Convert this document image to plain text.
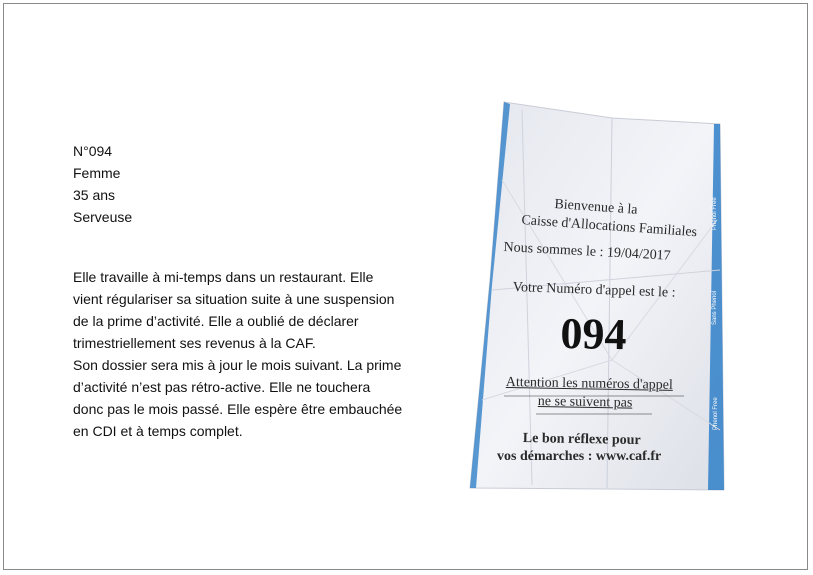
N°094
Femme
35 ans
Serveuse

Elle travaille à mi-temps dans un restaurant. Elle vient régulariser sa situation suite à une suspension de la prime d’activité. Elle a oublié de déclarer trimestriellement ses revenus à la CAF.

Son dossier sera mis à jour le mois suivant. La prime d’activité n’est pas rétro-active. Elle ne touchera donc pas le mois passé. Elle espère être embauchée en CDI et à temps complet.

Bienvenue à la
Caisse d'Allocations Familiales
Nous sommes le : 19/04/2017
Votre Numéro d'appel est le :
094
Attention les numéros d'appel
ne se suivent pas
Le bon réflexe pour
vos démarches : www.caf.fr
Phenol Free
Sans Phenol
Phenol Free
